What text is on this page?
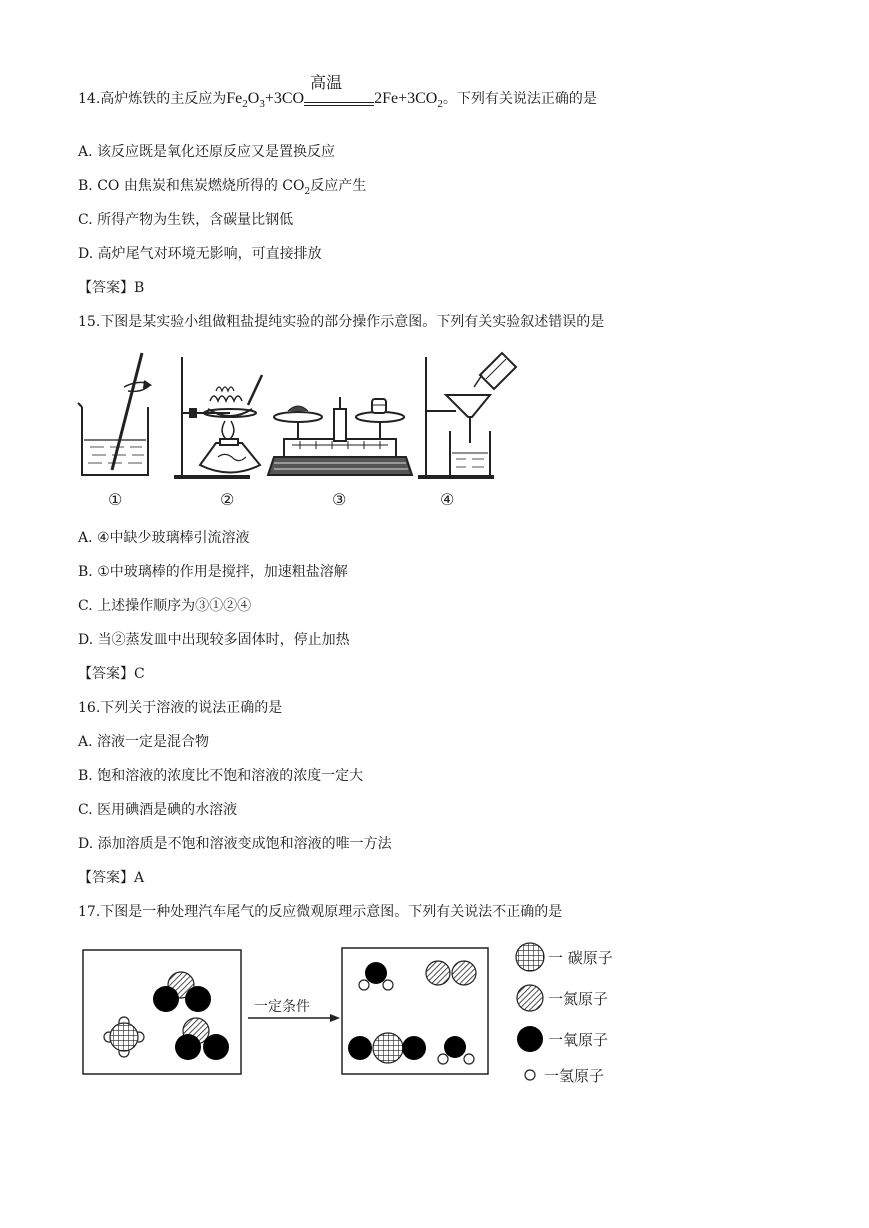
14.高炉炼铁的主反应为$Fe_2O_3+3CO$
高温
$2Fe+3CO_2$。下列有关说法正确的是
A. 该反应既是氧化还原反应又是置换反应
B. CO 由焦炭和焦炭燃烧所得的 $CO_2$反应产生
C. 所得产物为生铁，含碳量比钢低
D. 高炉尾气对环境无影响，可直接排放
【答案】B
15.下图是某实验小组做粗盐提纯实验的部分操作示意图。下列有关实验叙述错误的是
①	②	③	④
A. ④中缺少玻璃棒引流溶液
B. ①中玻璃棒的作用是搅拌，加速粗盐溶解
C. 上述操作顺序为③①②④
D. 当②蒸发皿中出现较多固体时，停止加热
【答案】C
16.下列关于溶液的说法正确的是
A. 溶液一定是混合物
B. 饱和溶液的浓度比不饱和溶液的浓度一定大
C. 医用碘酒是碘的水溶液
D. 添加溶质是不饱和溶液变成饱和溶液的唯一方法
【答案】A
17.下图是一种处理汽车尾气的反应微观原理示意图。下列有关说法不正确的是
一定条件
一 碳原子
一氮原子
一氧原子
一氢原子
